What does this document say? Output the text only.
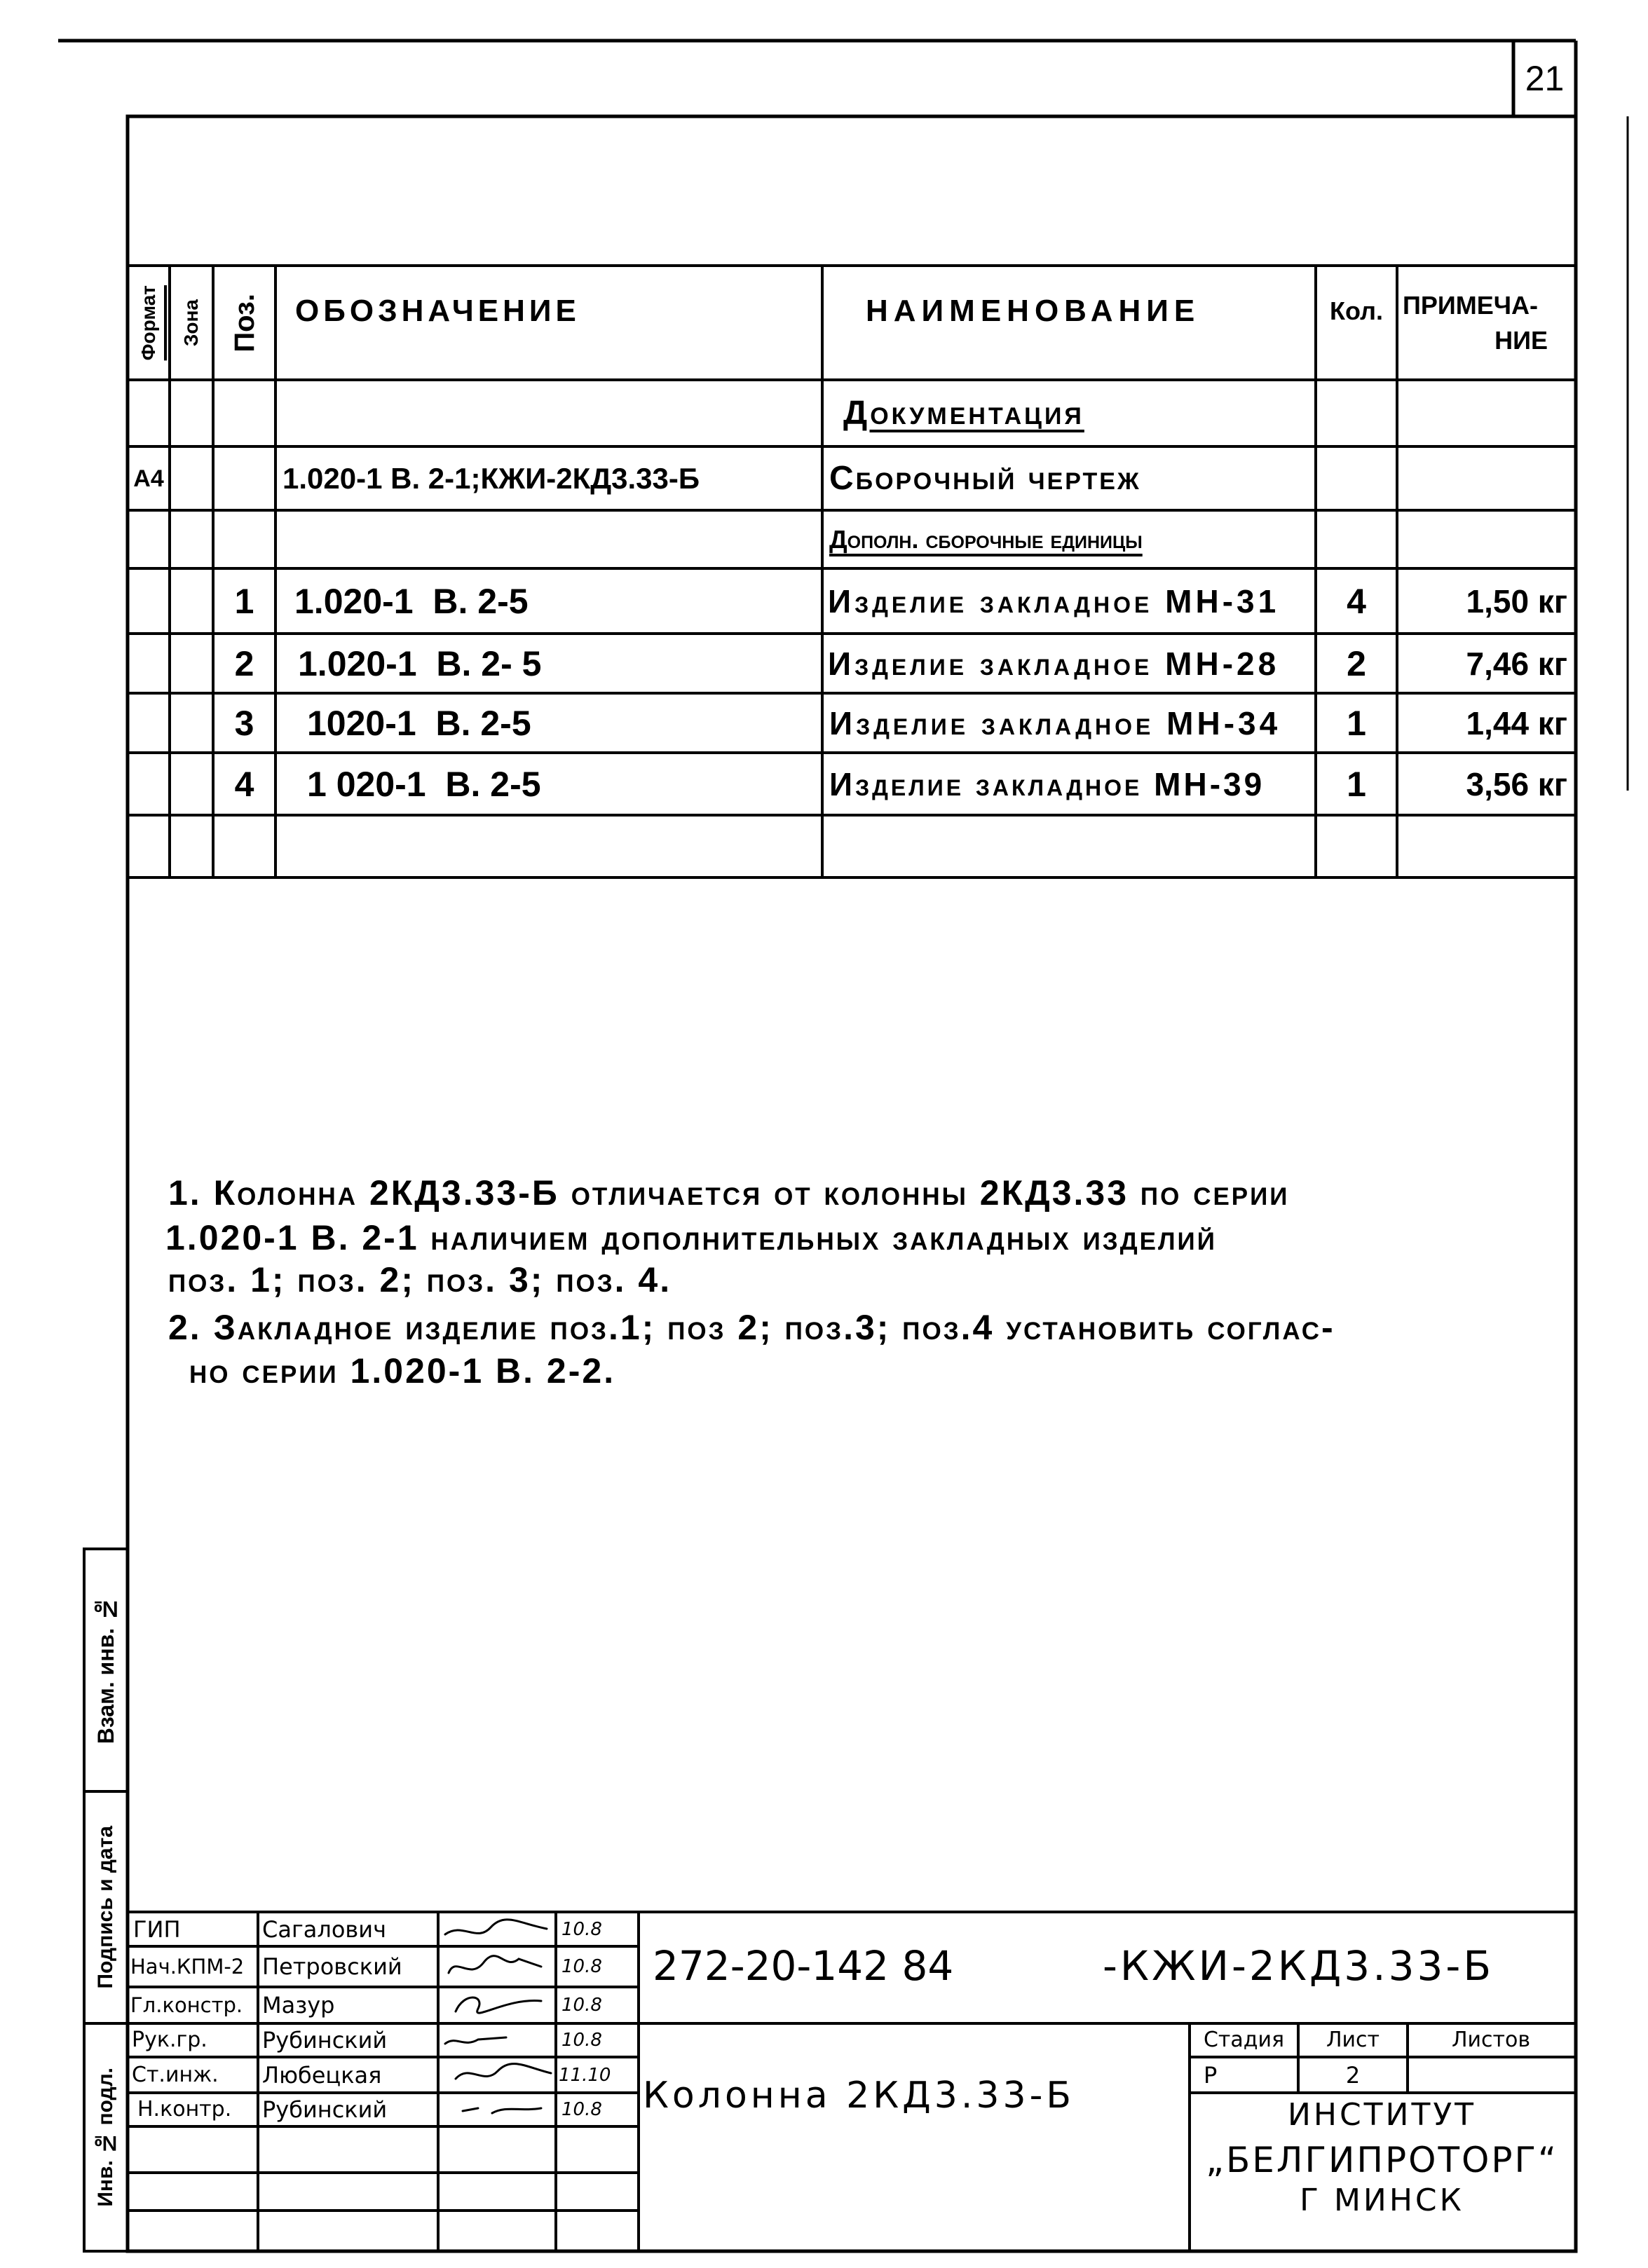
21
Формат Зона Поз. ОБОЗНАЧЕНИЕ	НАИМЕНОВАНИЕ	Кол. ПРИМЕЧА-
НИЕ
Документация
А4	1.020-1 В. 2-1;КЖИ-2КД3.33-Б	Сборочный чертеж
Дополн. сборочные единицы
1 1.020-1  В. 2-5	Изделие закладное МН-31 4	1,50 кг
2 1.020-1  В. 2- 5	Изделие закладное МН-28 2	7,46 кг
3 1020-1  В. 2-5	Изделие закладное МН-34 1	1,44 кг
4 1 020-1  В. 2-5	Изделие закладное МН-39 1	3,56 кг
1. Колонна 2КД3.33-Б отличается от колонны 2КД3.33 по серии
1.020-1 В. 2-1 наличием дополнительных закладных изделий
поз. 1; поз. 2; поз. 3; поз. 4.
2. Закладное изделие поз.1; поз 2; поз.3; поз.4 установить соглас-
но серии 1.020-1 В. 2-2.
Взам. инв. №
Подпись и дата
Инв. № подл.
ГИП	Сагалович	10.8
Нач.КПМ-2 Петровский	10.8
Гл.констр. Мазур	10.8
Рук.гр. Рубинский	10.8
Ст.инж. Любецкая	11.10
Н.контр. Рубинский	10.8
272-20-142 84	-КЖИ-2КД3.33-Б
Колонна 2КД3.33-Б
Стадия Лист	Листов
Р	2
ИНСТИТУТ
„БЕЛГИПРОТОРГ“
Г МИНСК
